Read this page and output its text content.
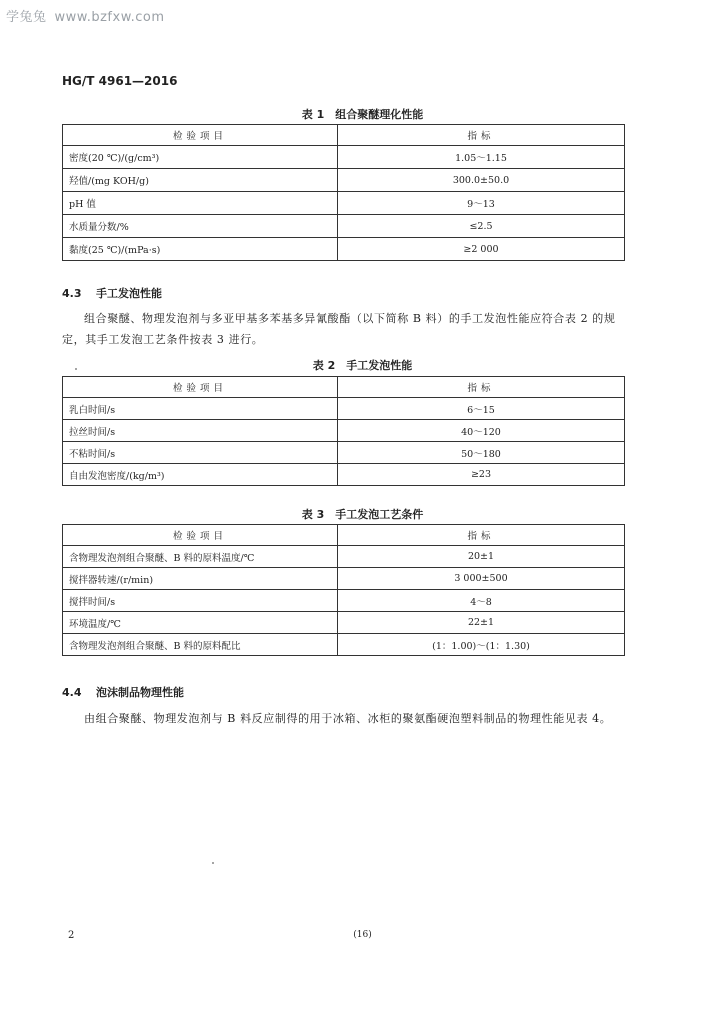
学兔兔 www.bzfxw.com
HG/T 4961—2016
表 1　组合聚醚理化性能
检验项目	指标
密度(20 ℃)/(g/cm³)	1.05～1.15
羟值/(mg KOH/g)	300.0±50.0
pH 值	9～13
水质量分数/%	≤2.5
黏度(25 ℃)/(mPa·s)	≥2 000
4.3 手工发泡性能
组合聚醚、物理发泡剂与多亚甲基多苯基多异氰酸酯（以下简称 B 料）的手工发泡性能应符合表 2 的规定，其手工发泡工艺条件按表 3 进行。
表 2　手工发泡性能
检验项目	指标
乳白时间/s	6～15
拉丝时间/s	40～120
不粘时间/s	50～180
自由发泡密度/(kg/m³)	≥23
表 3　手工发泡工艺条件
检验项目	指标
含物理发泡剂组合聚醚、B 料的原料温度/℃	20±1
搅拌器转速/(r/min)	3 000±500
搅拌时间/s	4～8
环境温度/℃	22±1
含物理发泡剂组合聚醚、B 料的原料配比	(1：1.00)～(1：1.30)
4.4 泡沫制品物理性能
由组合聚醚、物理发泡剂与 B 料反应制得的用于冰箱、冰柜的聚氨酯硬泡塑料制品的物理性能见表 4。
2	(16)
